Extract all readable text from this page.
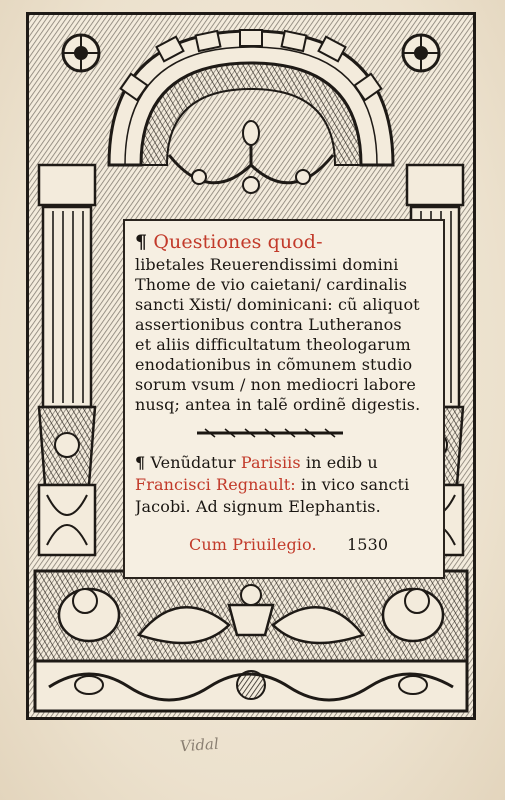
¶ Questiones quod-
libetales Reuerendissimi domini
Thome de vio caietani/ cardinalis
sancti Xisti/ dominicani: cũ aliquot
assertionibus contra Lutheranos
et aliis difficultatum theologarum
enodationibus in cõmunem studio
sorum vsum / non mediocri labore
nusq; antea in talẽ ordinẽ digestis.
¶ Venũdatur Parisiis in edib u
Francisci Regnault: in vico sancti
Jacobi. Ad signum Elephantis.
Cum Priuilegio. 1530
Vidal
